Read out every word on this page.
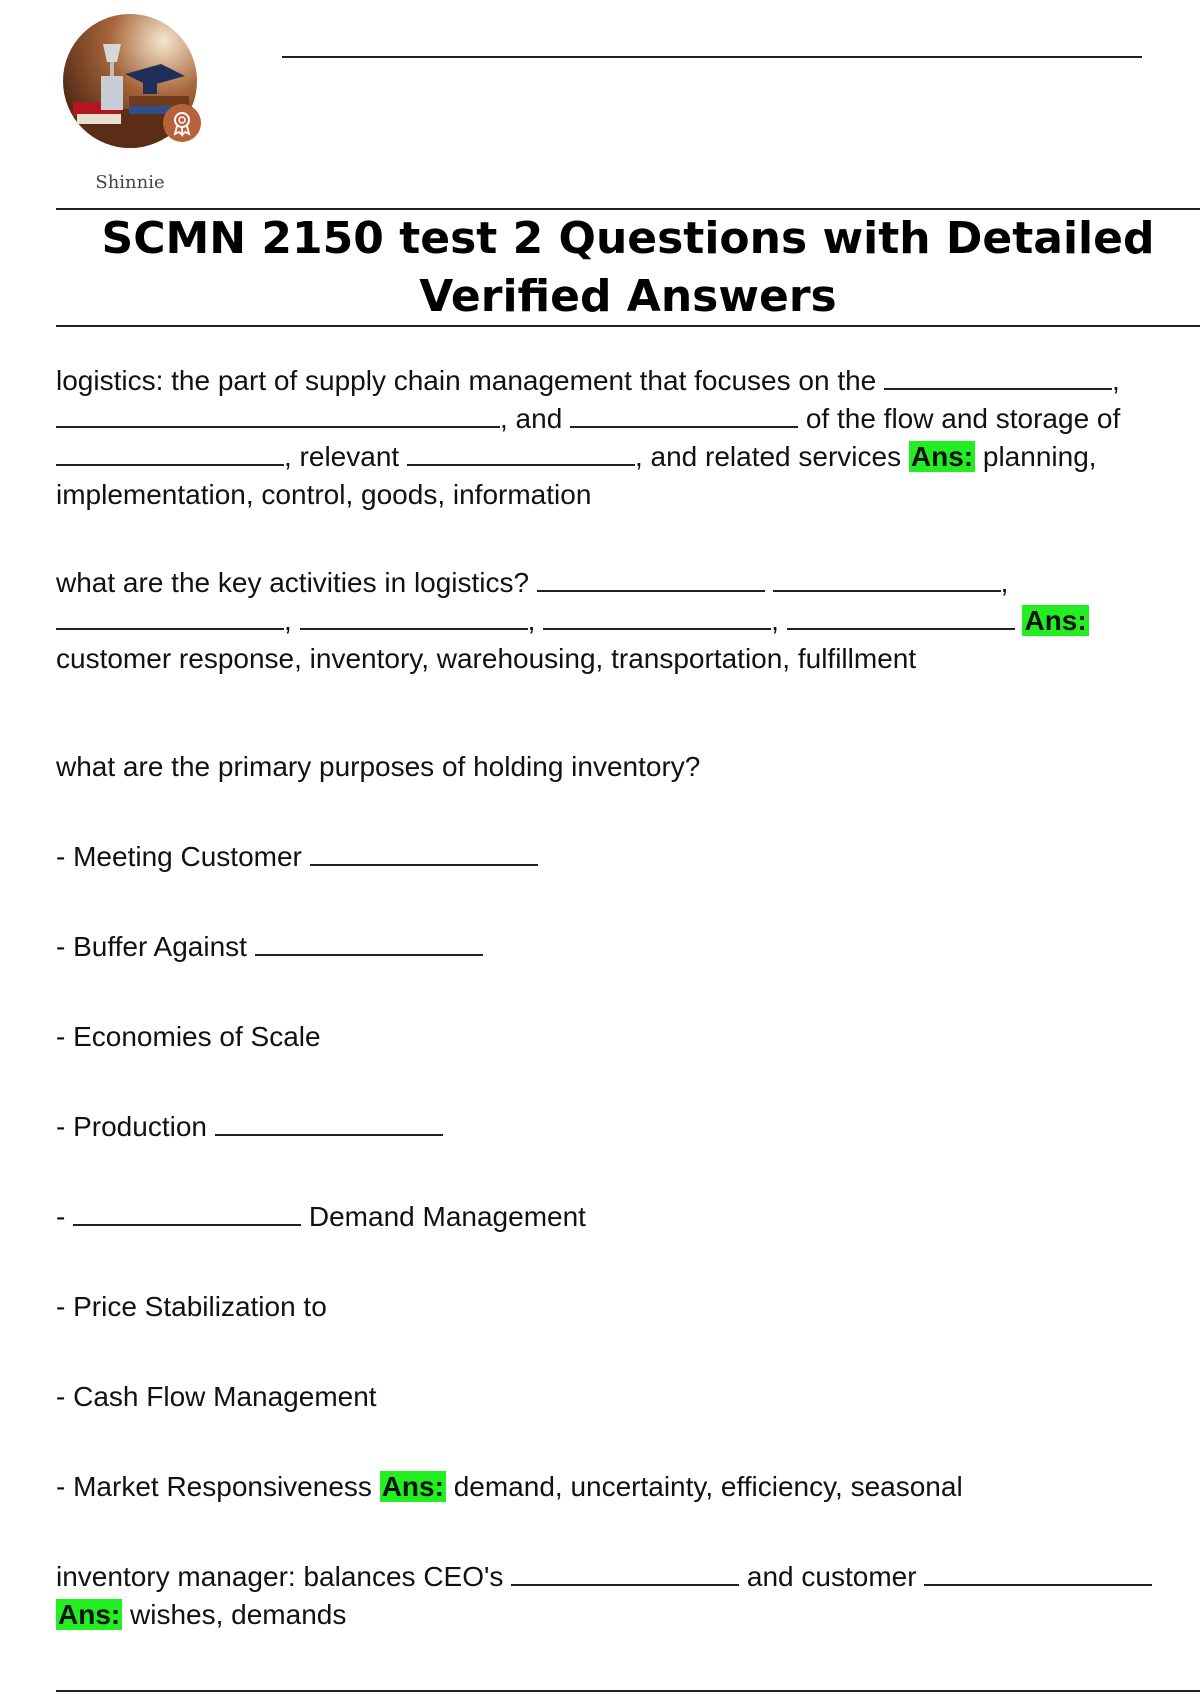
Shinnie
SCMN 2150 test 2 Questions with Detailed
Verified Answers

logistics: the part of supply chain management that focuses on the	, , and	of the flow and storage of , relevant	, and related services Ans: planning, implementation, control, goods, information

what are the key activities in logistics?	, ,	,	,	Ans:
customer response, inventory, warehousing, transportation, fulfillment

what are the primary purposes of holding inventory?

- Meeting Customer

- Buffer Against

- Economies of Scale

- Production

-	Demand Management

- Price Stabilization to

- Cash Flow Management

- Market Responsiveness Ans: demand, uncertainty, efficiency, seasonal

inventory manager: balances CEO's	and customer
Ans: wishes, demands
